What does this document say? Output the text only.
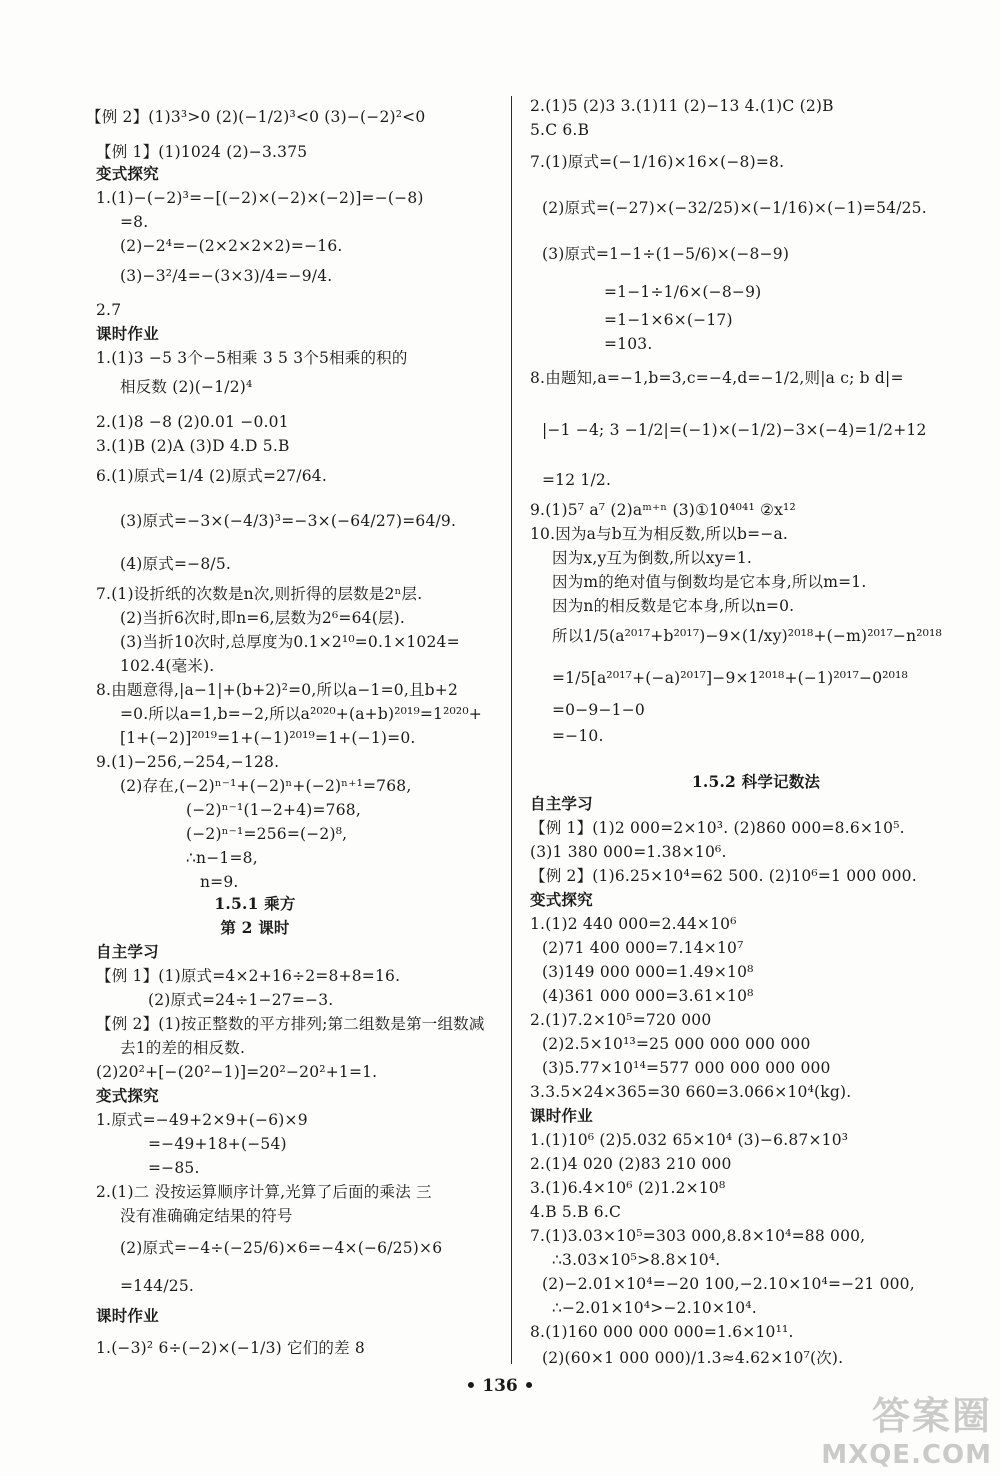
【例 2】(1)3³>0 (2)(−1/2)³<0 (3)−(−2)²<0
【例 1】(1)1024 (2)−3.375
变式探究
1.(1)−(−2)³=−[(−2)×(−2)×(−2)]=−(−8)
=8.
(2)−2⁴=−(2×2×2×2)=−16.
(3)−3²/4=−(3×3)/4=−9/4.
2.7
课时作业
1.(1)3 −5 3个−5相乘 3 5 3个5相乘的积的
相反数 (2)(−1/2)⁴
2.(1)8 −8 (2)0.01 −0.01
3.(1)B (2)A (3)D 4.D 5.B
6.(1)原式=1/4 (2)原式=27/64.
(3)原式=−3×(−4/3)³=−3×(−64/27)=64/9.
(4)原式=−8/5.
7.(1)设折纸的次数是n次,则折得的层数是2ⁿ层.
(2)当折6次时,即n=6,层数为2⁶=64(层).
(3)当折10次时,总厚度为0.1×2¹⁰=0.1×1024=
102.4(毫米).
8.由题意得,|a−1|+(b+2)²=0,所以a−1=0,且b+2
=0.所以a=1,b=−2,所以a²⁰²⁰+(a+b)²⁰¹⁹=1²⁰²⁰+
[1+(−2)]²⁰¹⁹=1+(−1)²⁰¹⁹=1+(−1)=0.
9.(1)−256,−254,−128.
(2)存在,(−2)ⁿ⁻¹+(−2)ⁿ+(−2)ⁿ⁺¹=768,
(−2)ⁿ⁻¹(1−2+4)=768,
(−2)ⁿ⁻¹=256=(−2)⁸,
∴n−1=8,
n=9.
1.5.1 乘方
第 2 课时
自主学习
【例 1】(1)原式=4×2+16÷2=8+8=16.
(2)原式=24÷1−27=−3.
【例 2】(1)按正整数的平方排列;第二组数是第一组数减
去1的差的相反数.
(2)20²+[−(20²−1)]=20²−20²+1=1.
变式探究
1.原式=−49+2×9+(−6)×9
=−49+18+(−54)
=−85.
2.(1)二 没按运算顺序计算,光算了后面的乘法 三
没有准确确定结果的符号
(2)原式=−4÷(−25/6)×6=−4×(−6/25)×6
=144/25.
课时作业
1.(−3)² 6÷(−2)×(−1/3) 它们的差 8
2.(1)5 (2)3 3.(1)11 (2)−13 4.(1)C (2)B
5.C 6.B
7.(1)原式=(−1/16)×16×(−8)=8.
(2)原式=(−27)×(−32/25)×(−1/16)×(−1)=54/25.
(3)原式=1−1÷(1−5/6)×(−8−9)
=1−1÷1/6×(−8−9)
=1−1×6×(−17)
=103.
8.由题知,a=−1,b=3,c=−4,d=−1/2,则|a c; b d|=
|−1 −4; 3 −1/2|=(−1)×(−1/2)−3×(−4)=1/2+12
=12 1/2.
9.(1)5⁷ a⁷ (2)aᵐ⁺ⁿ (3)①10⁴⁰⁴¹ ②x¹²
10.因为a与b互为相反数,所以b=−a.
因为x,y互为倒数,所以xy=1.
因为m的绝对值与倒数均是它本身,所以m=1.
因为n的相反数是它本身,所以n=0.
所以1/5(a²⁰¹⁷+b²⁰¹⁷)−9×(1/xy)²⁰¹⁸+(−m)²⁰¹⁷−n²⁰¹⁸
=1/5[a²⁰¹⁷+(−a)²⁰¹⁷]−9×1²⁰¹⁸+(−1)²⁰¹⁷−0²⁰¹⁸
=0−9−1−0
=−10.
1.5.2 科学记数法
自主学习
【例 1】(1)2 000=2×10³. (2)860 000=8.6×10⁵.
(3)1 380 000=1.38×10⁶.
【例 2】(1)6.25×10⁴=62 500. (2)10⁶=1 000 000.
变式探究
1.(1)2 440 000=2.44×10⁶
(2)71 400 000=7.14×10⁷
(3)149 000 000=1.49×10⁸
(4)361 000 000=3.61×10⁸
2.(1)7.2×10⁵=720 000
(2)2.5×10¹³=25 000 000 000 000
(3)5.77×10¹⁴=577 000 000 000 000
3.3.5×24×365=30 660=3.066×10⁴(kg).
课时作业
1.(1)10⁶ (2)5.032 65×10⁴ (3)−6.87×10³
2.(1)4 020 (2)83 210 000
3.(1)6.4×10⁶ (2)1.2×10⁸
4.B 5.B 6.C
7.(1)3.03×10⁵=303 000,8.8×10⁴=88 000,
∴3.03×10⁵>8.8×10⁴.
(2)−2.01×10⁴=−20 100,−2.10×10⁴=−21 000,
∴−2.01×10⁴>−2.10×10⁴.
8.(1)160 000 000 000=1.6×10¹¹.
(2)(60×1 000 000)/1.3≈4.62×10⁷(次).
• 136 •
答案圈
MXQE.COM
